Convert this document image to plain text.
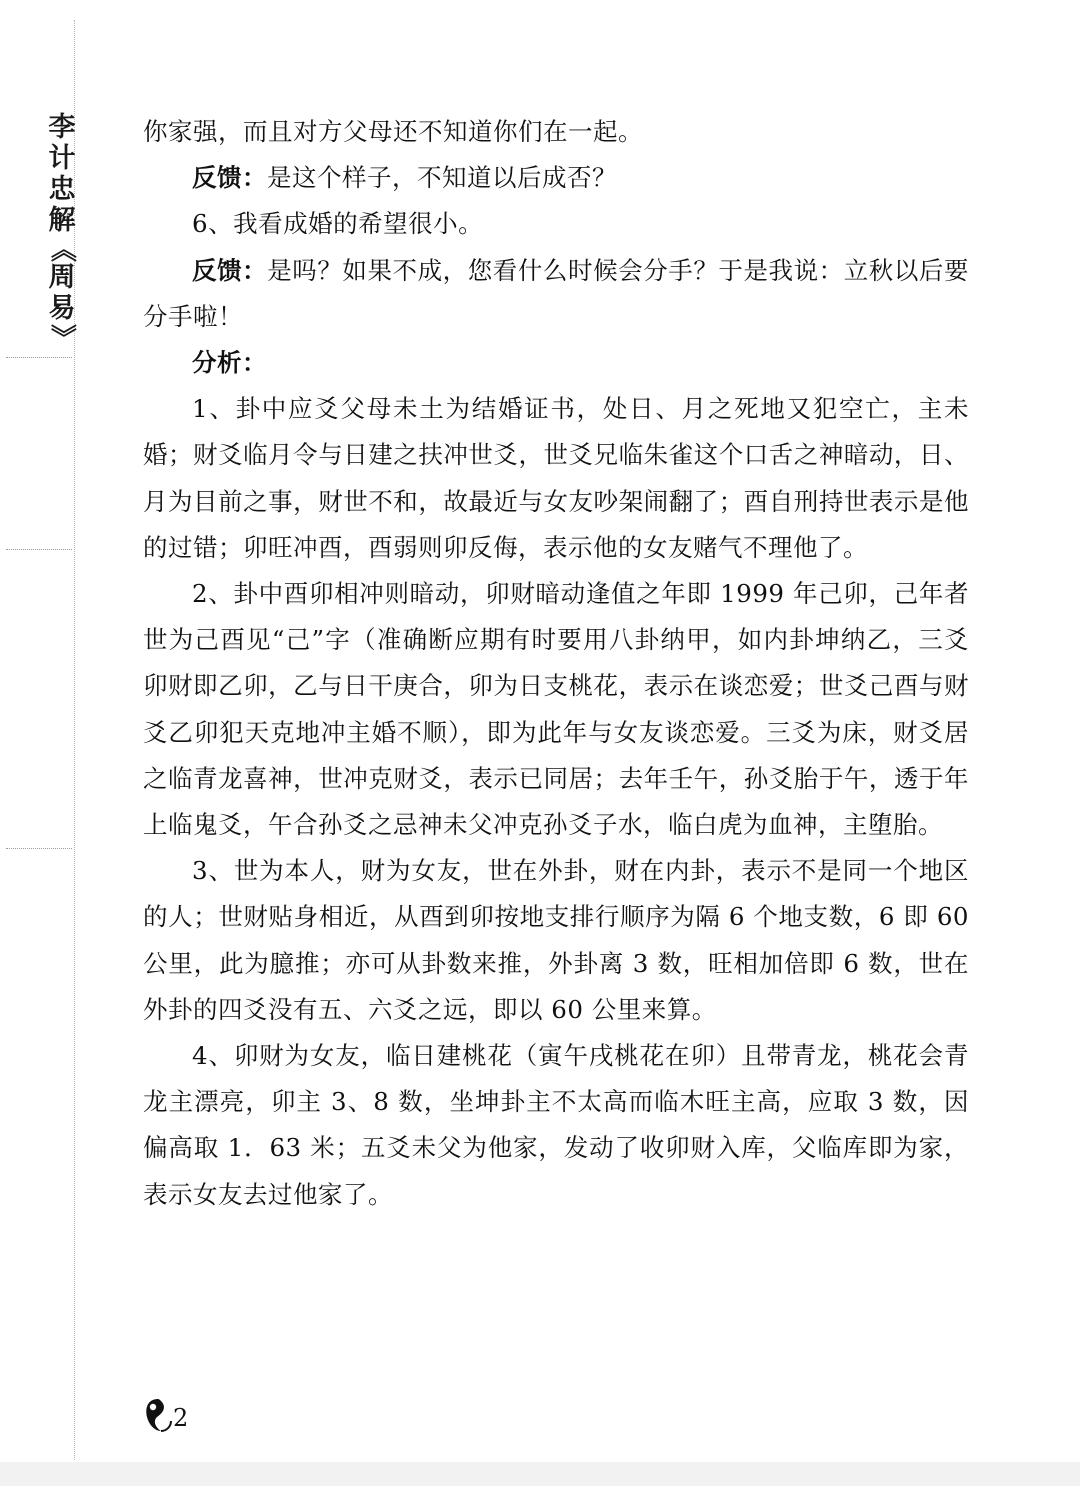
李
计
忠
解
《
周
易
》

你家强，而且对方父母还不知道你们在一起。

反馈：是这个样子，不知道以后成否？

6、我看成婚的希望很小。

反馈：是吗？如果不成，您看什么时候会分手？于是我说：立秋以后要分手啦！

分析：

1、卦中应爻父母未土为结婚证书，处日、月之死地又犯空亡，主未婚；财爻临月令与日建之扶冲世爻，世爻兄临朱雀这个口舌之神暗动，日、月为目前之事，财世不和，故最近与女友吵架闹翻了；酉自刑持世表示是他的过错；卯旺冲酉，酉弱则卯反侮，表示他的女友赌气不理他了。

2、卦中酉卯相冲则暗动，卯财暗动逢值之年即 1999 年己卯，己年者世为己酉见“己”字（准确断应期有时要用八卦纳甲，如内卦坤纳乙，三爻卯财即乙卯，乙与日干庚合，卯为日支桃花，表示在谈恋爱；世爻己酉与财爻乙卯犯天克地冲主婚不顺），即为此年与女友谈恋爱。三爻为床，财爻居之临青龙喜神，世冲克财爻，表示已同居；去年壬午，孙爻胎于午，透于年上临鬼爻，午合孙爻之忌神未父冲克孙爻子水，临白虎为血神，主堕胎。

3、世为本人，财为女友，世在外卦，财在内卦，表示不是同一个地区的人；世财贴身相近，从酉到卯按地支排行顺序为隔 6 个地支数，6 即 60 公里，此为臆推；亦可从卦数来推，外卦离 3 数，旺相加倍即 6 数，世在外卦的四爻没有五、六爻之远，即以 60 公里来算。

4、卯财为女友，临日建桃花（寅午戌桃花在卯）且带青龙，桃花会青龙主漂亮，卯主 3、8 数，坐坤卦主不太高而临木旺主高，应取 3 数，因偏高取 1．63 米；五爻未父为他家，发动了收卯财入库，父临库即为家，表示女友去过他家了。

2
